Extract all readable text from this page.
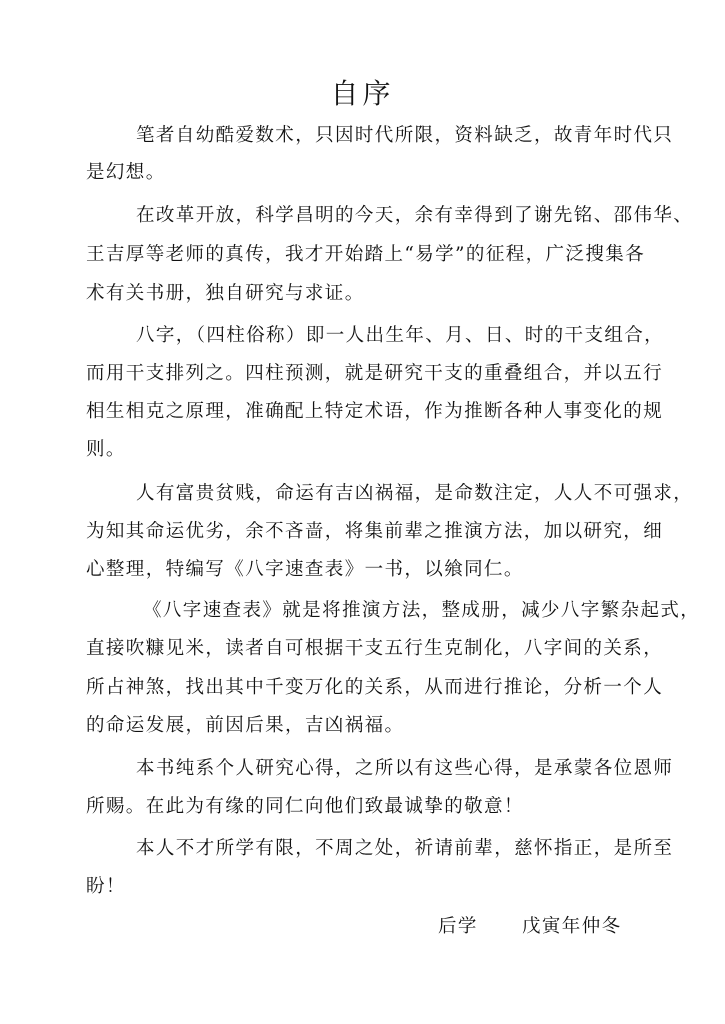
自序
笔者自幼酷爱数术，只因时代所限，资料缺乏，故青年时代只
是幻想。
在改革开放，科学昌明的今天，余有幸得到了谢先铭、邵伟华、
王吉厚等老师的真传，我才开始踏上“易学”的征程，广泛搜集各
术有关书册，独自研究与求证。
八字，（四柱俗称）即一人出生年、月、日、时的干支组合，
而用干支排列之。四柱预测，就是研究干支的重叠组合，并以五行
相生相克之原理，准确配上特定术语，作为推断各种人事变化的规
则。
人有富贵贫贱，命运有吉凶祸福，是命数注定，人人不可强求，
为知其命运优劣，余不吝啬，将集前辈之推演方法，加以研究，细
心整理，特编写《八字速查表》一书，以飨同仁。
《八字速查表》就是将推演方法，整成册，减少八字繁杂起式，
直接吹糠见米，读者自可根据干支五行生克制化，八字间的关系，
所占神煞，找出其中千变万化的关系，从而进行推论，分析一个人
的命运发展，前因后果，吉凶祸福。
本书纯系个人研究心得，之所以有这些心得，是承蒙各位恩师
所赐。在此为有缘的同仁向他们致最诚挚的敬意！
本人不才所学有限，不周之处，祈请前辈，慈怀指正，是所至
盼！
后学 戊寅年仲冬
